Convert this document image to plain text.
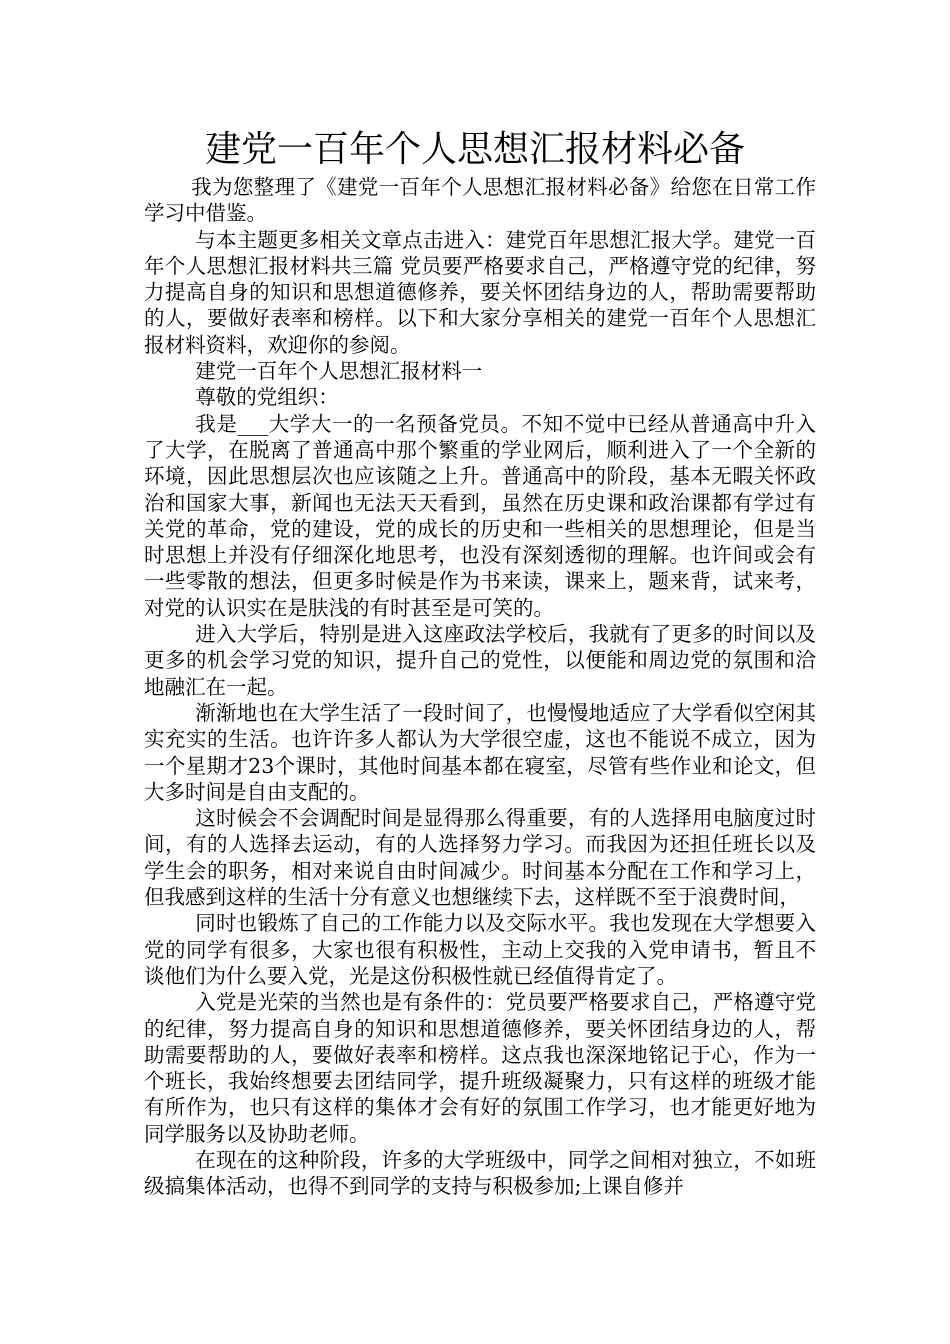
建党一百年个人思想汇报材料必备

我为您整理了《建党一百年个人思想汇报材料必备》给您在日常工作学习中借鉴。

与本主题更多相关文章点击进入：建党百年思想汇报大学。建党一百年个人思想汇报材料共三篇 党员要严格要求自己，严格遵守党的纪律，努力提高自身的知识和思想道德修养，要关怀团结身边的人，帮助需要帮助的人，要做好表率和榜样。以下和大家分享相关的建党一百年个人思想汇报材料资料，欢迎你的参阅。

建党一百年个人思想汇报材料一

尊敬的党组织：

我是___大学大一的一名预备党员。不知不觉中已经从普通高中升入了大学，在脱离了普通高中那个繁重的学业网后，顺利进入了一个全新的环境，因此思想层次也应该随之上升。普通高中的阶段，基本无暇关怀政治和国家大事，新闻也无法天天看到，虽然在历史课和政治课都有学过有关党的革命，党的建设，党的成长的历史和一些相关的思想理论，但是当时思想上并没有仔细深化地思考，也没有深刻透彻的理解。也许间或会有一些零散的想法，但更多时候是作为书来读，课来上，题来背，试来考，对党的认识实在是肤浅的有时甚至是可笑的。

进入大学后，特别是进入这座政法学校后，我就有了更多的时间以及更多的机会学习党的知识，提升自己的党性，以便能和周边党的氛围和洽地融汇在一起。

渐渐地也在大学生活了一段时间了，也慢慢地适应了大学看似空闲其实充实的生活。也许许多人都认为大学很空虚，这也不能说不成立，因为一个星期才23个课时，其他时间基本都在寝室，尽管有些作业和论文，但大多时间是自由支配的。

这时候会不会调配时间是显得那么得重要，有的人选择用电脑度过时间，有的人选择去运动，有的人选择努力学习。而我因为还担任班长以及学生会的职务，相对来说自由时间减少。时间基本分配在工作和学习上，但我感到这样的生活十分有意义也想继续下去，这样既不至于浪费时间，

同时也锻炼了自己的工作能力以及交际水平。我也发现在大学想要入党的同学有很多，大家也很有积极性，主动上交我的入党申请书，暂且不谈他们为什么要入党，光是这份积极性就已经值得肯定了。

入党是光荣的当然也是有条件的：党员要严格要求自己，严格遵守党的纪律，努力提高自身的知识和思想道德修养，要关怀团结身边的人，帮助需要帮助的人，要做好表率和榜样。这点我也深深地铭记于心，作为一个班长，我始终想要去团结同学，提升班级凝聚力，只有这样的班级才能有所作为，也只有这样的集体才会有好的氛围工作学习，也才能更好地为同学服务以及协助老师。

在现在的这种阶段，许多的大学班级中，同学之间相对独立，不如班级搞集体活动，也得不到同学的支持与积极参加;上课自修并
